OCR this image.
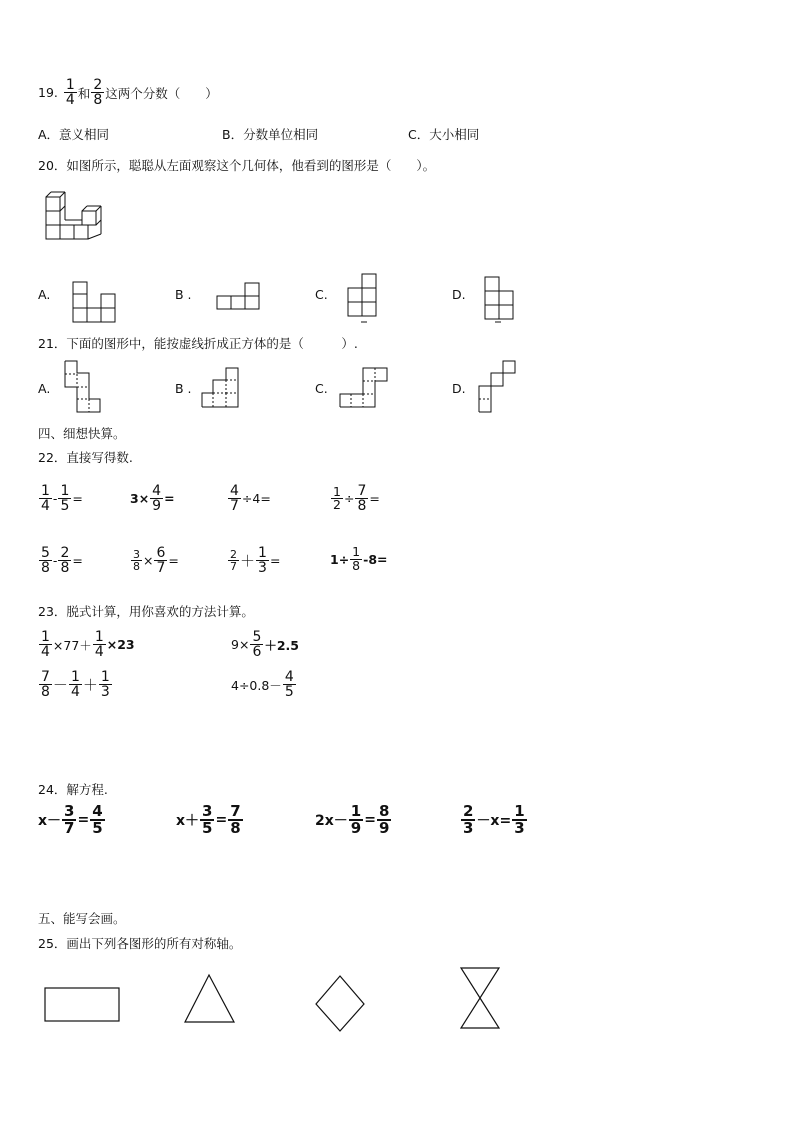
19. $\frac{1}{4}$ 和 $\frac{2}{8}$ 这两个分数（　　）
A．意义相同	B．分数单位相同	C．大小相同
20．如图所示，聪聪从左面观察这个几何体，他看到的图形是（　　）。
A.	B .	C.	D.
21．下面的图形中，能按虚线折成正方体的是（　　　）.
A.	B .	C.	D.
四、细想快算。
22．直接写得数.
$\frac{1}{4} - \frac{1}{5}$ =	$3\times \frac{4}{9}$ =	$\frac{4}{7} \div 4=$	$\frac{1}{2} \div \frac{7}{8}$ =
$\frac{5}{8} - \frac{2}{8}$ =	$\frac{3}{8} \times \frac{6}{7}$ =	$\frac{2}{7} + \frac{1}{3}$ =	$1\div \frac{1}{8} -8=$
23．脱式计算，用你喜欢的方法计算。
$\frac{1}{4} \times 77+ \frac{1}{4} \times 23$	$9\times \frac{5}{6} +2.5$
$\frac{7}{8} - \frac{1}{4} + \frac{1}{3}$	$4\div 0.8- \frac{4}{5}$
24．解方程.
$x- \frac{3}{7} = \frac{4}{5}$	$x+ \frac{3}{5} = \frac{7}{8}$	$2x- \frac{1}{9} = \frac{8}{9}$	$\frac{2}{3} -x= \frac{1}{3}$
五、能写会画。
25．画出下列各图形的所有对称轴。
